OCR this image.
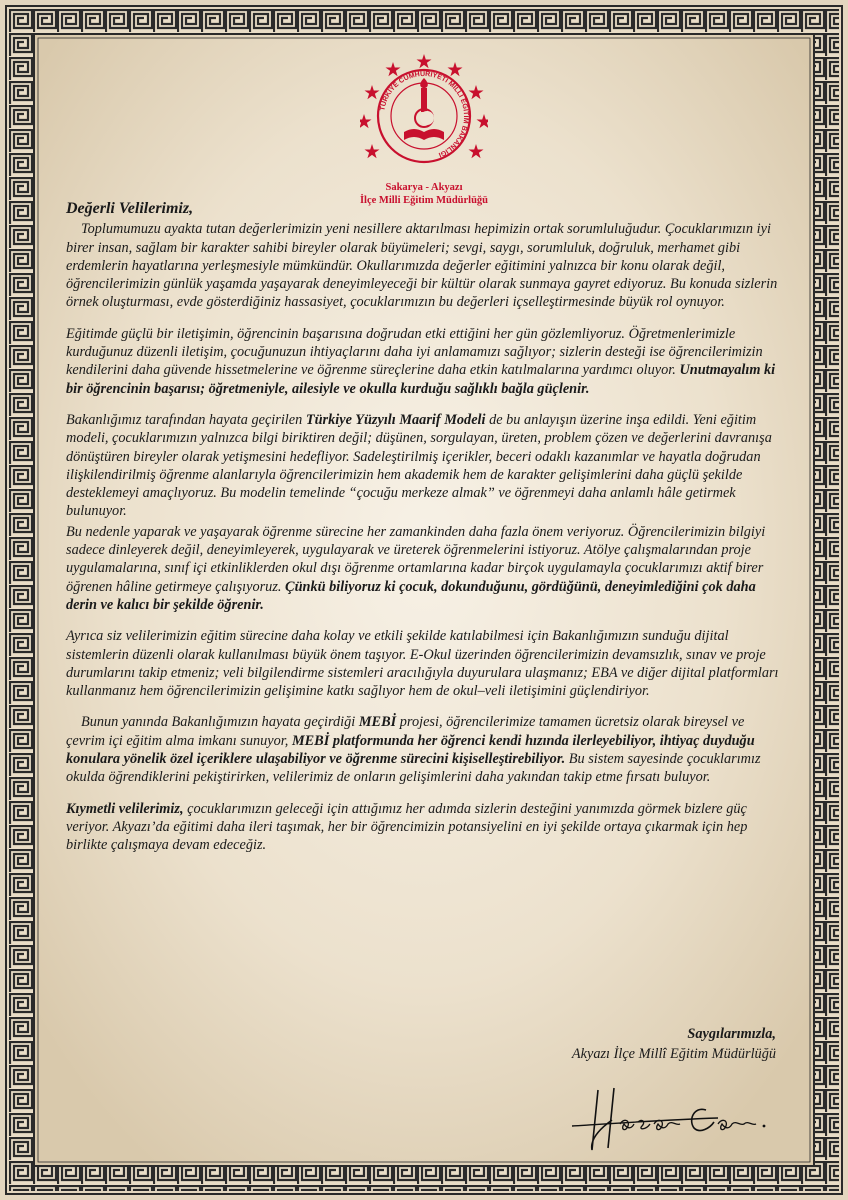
TÜRKİYE CUMHURİYETİ MİLLÎ EĞİTİM BAKANLIĞI
Sakarya - Akyazı
İlçe Milli Eğitim Müdürlüğü
Değerli Velilerimiz,

Toplumumuzu ayakta tutan değerlerimizin yeni nesillere aktarılması hepimizin ortak sorumluluğudur. Çocuklarımızın iyi birer insan, sağlam bir karakter sahibi bireyler olarak büyümeleri; sevgi, saygı, sorumluluk, doğruluk, merhamet gibi erdemlerin hayatlarına yerleşmesiyle mümkündür. Okullarımızda değerler eğitimini yalnızca bir konu olarak değil, öğrencilerimizin günlük yaşamda yaşayarak deneyimleyeceği bir kültür olarak sunmaya gayret ediyoruz. Bu konuda sizlerin örnek oluşturması, evde gösterdiğiniz hassasiyet, çocuklarımızın bu değerleri içselleştirmesinde büyük rol oynuyor.

Eğitimde güçlü bir iletişimin, öğrencinin başarısına doğrudan etki ettiğini her gün gözlemliyoruz. Öğretmenlerimizle kurduğunuz düzenli iletişim, çocuğunuzun ihtiyaçlarını daha iyi anlamamızı sağlıyor; sizlerin desteği ise öğrencilerimizin kendilerini daha güvende hissetmelerine ve öğrenme süreçlerine daha etkin katılmalarına yardımcı oluyor. Unutmayalım ki bir öğrencinin başarısı; öğretmeniyle, ailesiyle ve okulla kurduğu sağlıklı bağla güçlenir.

Bakanlığımız tarafından hayata geçirilen Türkiye Yüzyılı Maarif Modeli de bu anlayışın üzerine inşa edildi. Yeni eğitim modeli, çocuklarımızın yalnızca bilgi biriktiren değil; düşünen, sorgulayan, üreten, problem çözen ve değerlerini davranışa dönüştüren bireyler olarak yetişmesini hedefliyor. Sadeleştirilmiş içerikler, beceri odaklı kazanımlar ve hayatla doğrudan ilişkilendirilmiş öğrenme alanlarıyla öğrencilerimizin hem akademik hem de karakter gelişimlerini daha güçlü şekilde desteklemeyi amaçlıyoruz. Bu modelin temelinde “çocuğu merkeze almak” ve öğrenmeyi daha anlamlı hâle getirmek bulunuyor.

Bu nedenle yaparak ve yaşayarak öğrenme sürecine her zamankinden daha fazla önem veriyoruz. Öğrencilerimizin bilgiyi sadece dinleyerek değil, deneyimleyerek, uygulayarak ve üreterek öğrenmelerini istiyoruz. Atölye çalışmalarından proje uygulamalarına, sınıf içi etkinliklerden okul dışı öğrenme ortamlarına kadar birçok uygulamayla çocuklarımızı aktif birer öğrenen hâline getirmeye çalışıyoruz. Çünkü biliyoruz ki çocuk, dokunduğunu, gördüğünü, deneyimlediğini çok daha derin ve kalıcı bir şekilde öğrenir.

Ayrıca siz velilerimizin eğitim sürecine daha kolay ve etkili şekilde katılabilmesi için Bakanlığımızın sunduğu dijital sistemlerin düzenli olarak kullanılması büyük önem taşıyor. E-Okul üzerinden öğrencilerimizin devamsızlık, sınav ve proje durumlarını takip etmeniz; veli bilgilendirme sistemleri aracılığıyla duyurulara ulaşmanız; EBA ve diğer dijital platformları kullanmanız hem öğrencilerimizin gelişimine katkı sağlıyor hem de okul–veli iletişimini güçlendiriyor.

Bunun yanında Bakanlığımızın hayata geçirdiği MEBİ projesi, öğrencilerimize tamamen ücretsiz olarak bireysel ve çevrim içi eğitim alma imkanı sunuyor, MEBİ platformunda her öğrenci kendi hızında ilerleyebiliyor, ihtiyaç duyduğu konulara yönelik özel içeriklere ulaşabiliyor ve öğrenme sürecini kişiselleştirebiliyor. Bu sistem sayesinde çocuklarımız okulda öğrendiklerini pekiştirirken, velilerimiz de onların gelişimlerini daha yakından takip etme fırsatı buluyor.

Kıymetli velilerimiz, çocuklarımızın geleceği için attığımız her adımda sizlerin desteğini yanımızda görmek bizlere güç veriyor. Akyazı’da eğitimi daha ileri taşımak, her bir öğrencimizin potansiyelini en iyi şekilde ortaya çıkarmak için hep birlikte çalışmaya devam edeceğiz.

Saygılarımızla,
Akyazı İlçe Millî Eğitim Müdürlüğü
